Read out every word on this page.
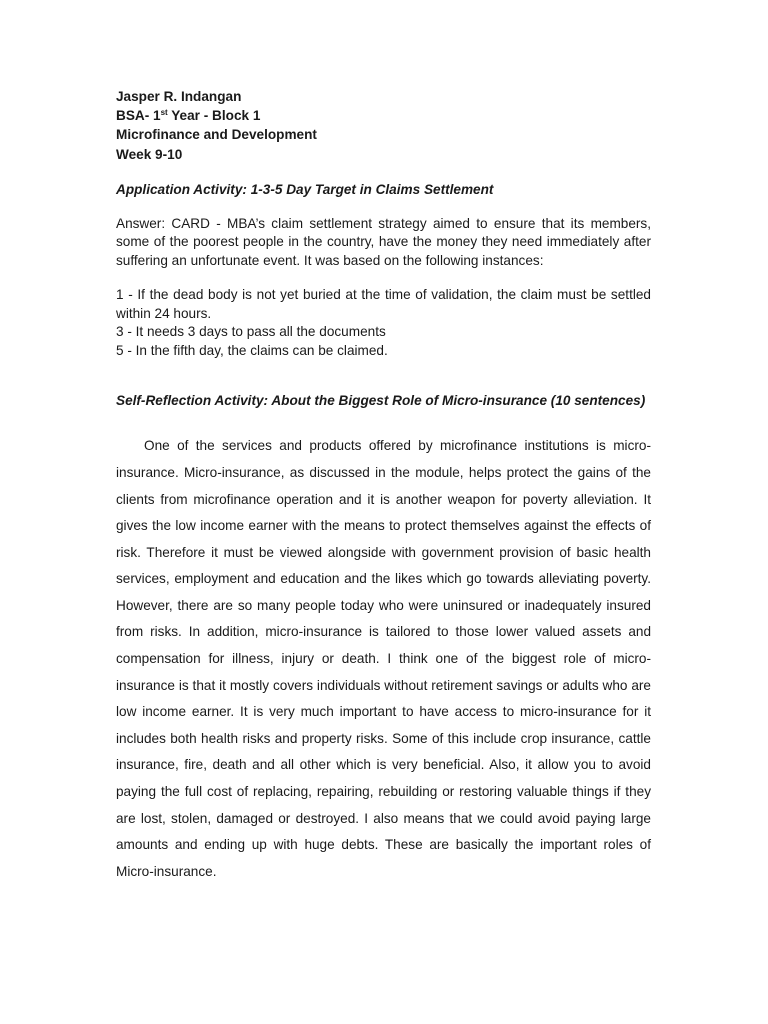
Jasper R. Indangan
BSA- 1st Year - Block 1
Microfinance and Development
Week 9-10
Application Activity: 1-3-5 Day Target in Claims Settlement
Answer: CARD - MBA’s claim settlement strategy aimed to ensure that its members, some of the poorest people in the country, have the money they need immediately after suffering an unfortunate event. It was based on the following instances:

1 - If the dead body is not yet buried at the time of validation, the claim must be settled within 24 hours.

3 - It needs 3 days to pass all the documents

5 - In the fifth day, the claims can be claimed.

Self-Reflection Activity: About the Biggest Role of Micro-insurance (10 sentences)

One of the services and products offered by microfinance institutions is micro-insurance. Micro-insurance, as discussed in the module, helps protect the gains of the clients from microfinance operation and it is another weapon for poverty alleviation. It gives the low income earner with the means to protect themselves against the effects of risk. Therefore it must be viewed alongside with government provision of basic health services, employment and education and the likes which go towards alleviating poverty. However, there are so many people today who were uninsured or inadequately insured from risks. In addition, micro-insurance is tailored to those lower valued assets and compensation for illness, injury or death. I think one of the biggest role of micro-insurance is that it mostly covers individuals without retirement savings or adults who are low income earner. It is very much important to have access to micro-insurance for it includes both health risks and property risks. Some of this include crop insurance, cattle insurance, fire, death and all other which is very beneficial. Also, it allow you to avoid paying the full cost of replacing, repairing, rebuilding or restoring valuable things if they are lost, stolen, damaged or destroyed. I also means that we could avoid paying large amounts and ending up with huge debts. These are basically the important roles of Micro-insurance.
